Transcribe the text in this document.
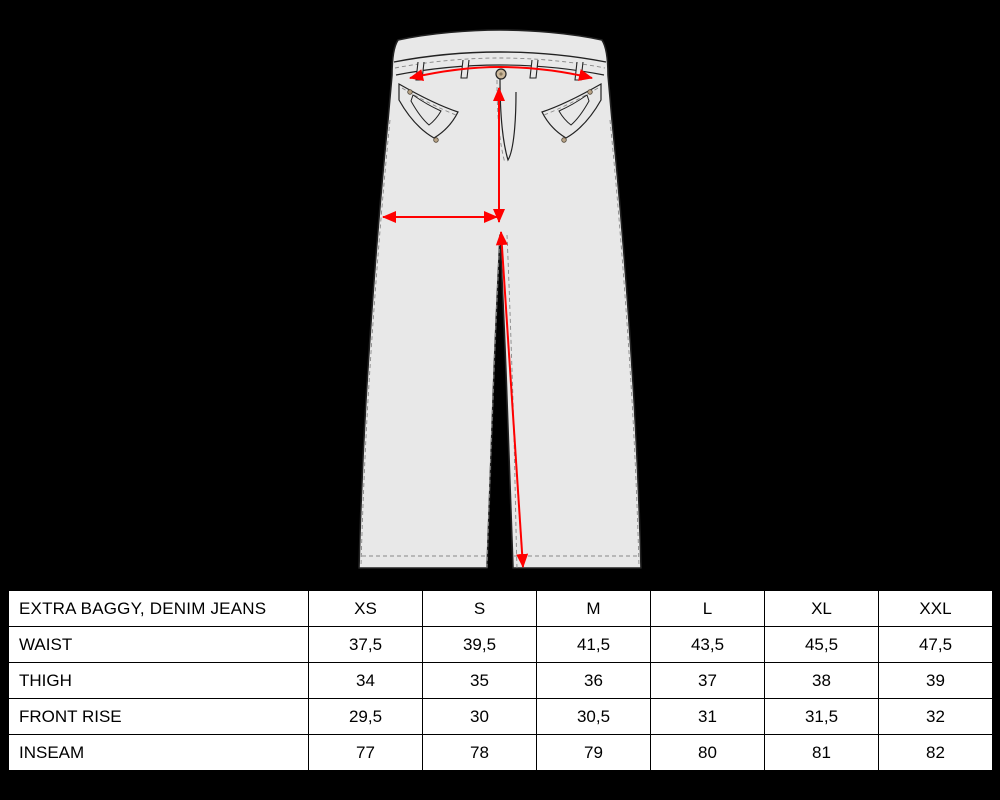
EXTRA BAGGY, DENIM JEANS	XS	S	M	L	XL	XXL
WAIST	37,5	39,5	41,5	43,5	45,5	47,5
THIGH	34	35	36	37	38	39
FRONT RISE	29,5	30	30,5	31	31,5	32
INSEAM	77	78	79	80	81	82
